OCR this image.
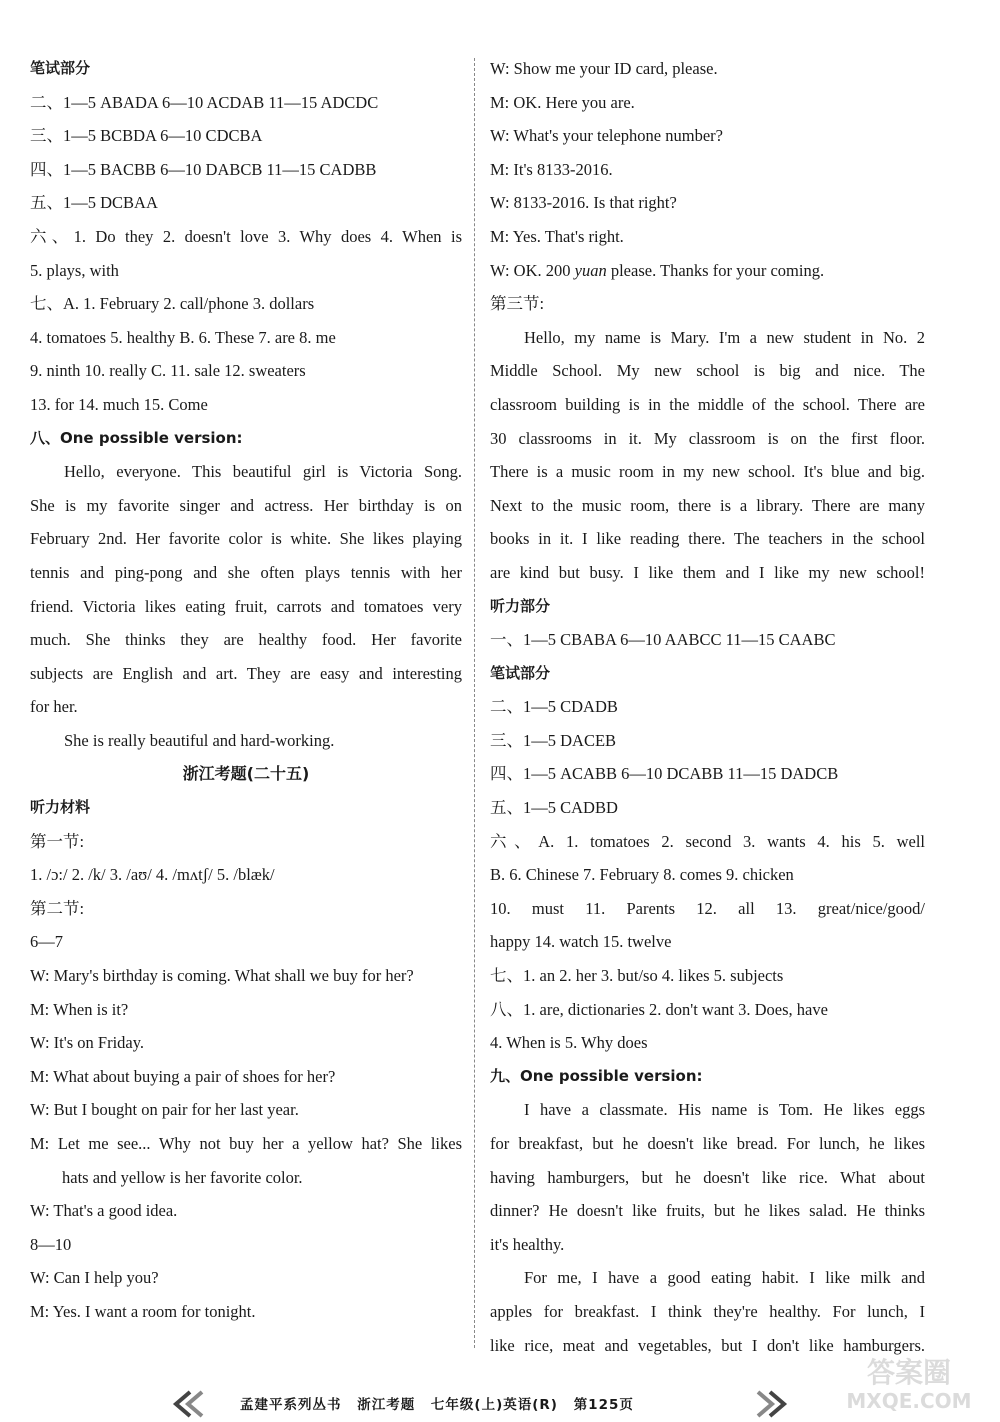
笔试部分
二、1—5 ABADA 6—10 ACDAB 11—15 ADCDC
三、1—5 BCBDA 6—10 CDCBA
四、1—5 BACBB 6—10 DABCB 11—15 CADBB
五、1—5 DCBAA
六、1. Do they 2. doesn't love 3. Why does 4. When is
5. plays, with
七、A. 1. February 2. call/phone 3. dollars
4. tomatoes 5. healthy B. 6. These 7. are 8. me
9. ninth 10. really C. 11. sale 12. sweaters
13. for 14. much 15. Come
八、One possible version:
Hello, everyone. This beautiful girl is Victoria Song.
She is my favorite singer and actress. Her birthday is on
February 2nd. Her favorite color is white. She likes playing
tennis and ping-pong and she often plays tennis with her
friend. Victoria likes eating fruit, carrots and tomatoes very
much. She thinks they are healthy food. Her favorite
subjects are English and art. They are easy and interesting
for her.
She is really beautiful and hard-working.
浙江考题(二十五)
听力材料
第一节:
1. /ɔ:/ 2. /k/ 3. /aʊ/ 4. /mʌtʃ/ 5. /blæk/
第二节:
6—7
W: Mary's birthday is coming. What shall we buy for her?
M: When is it?
W: It's on Friday.
M: What about buying a pair of shoes for her?
W: But I bought on pair for her last year.
M: Let me see... Why not buy her a yellow hat? She likes
hats and yellow is her favorite color.
W: That's a good idea.
8—10
W: Can I help you?
M: Yes. I want a room for tonight.
W: Show me your ID card, please.
M: OK. Here you are.
W: What's your telephone number?
M: It's 8133-2016.
W: 8133-2016. Is that right?
M: Yes. That's right.
W: OK. 200 yuan please. Thanks for your coming.
第三节:
Hello, my name is Mary. I'm a new student in No. 2
Middle School. My new school is big and nice. The
classroom building is in the middle of the school. There are
30 classrooms in it. My classroom is on the first floor.
There is a music room in my new school. It's blue and big.
Next to the music room, there is a library. There are many
books in it. I like reading there. The teachers in the school
are kind but busy. I like them and I like my new school!
听力部分
一、1—5 CBABA 6—10 AABCC 11—15 CAABC
笔试部分
二、1—5 CDADB
三、1—5 DACEB
四、1—5 ACABB 6—10 DCABB 11—15 DADCB
五、1—5 CADBD
六、A. 1. tomatoes 2. second 3. wants 4. his 5. well
B. 6. Chinese 7. February 8. comes 9. chicken
10. must 11. Parents 12. all 13. great/nice/good/
happy 14. watch 15. twelve
七、1. an 2. her 3. but/so 4. likes 5. subjects
八、1. are, dictionaries 2. don't want 3. Does, have
4. When is 5. Why does
九、One possible version:
I have a classmate. His name is Tom. He likes eggs
for breakfast, but he doesn't like bread. For lunch, he likes
having hamburgers, but he doesn't like rice. What about
dinner? He doesn't like fruits, but he likes salad. He thinks
it's healthy.
For me, I have a good eating habit. I like milk and
apples for breakfast. I think they're healthy. For lunch, I
like rice, meat and vegetables, but I don't like hamburgers.
孟建平系列丛书 浙江考题 七年级(上)英语(R) 第125页
答案圈
MXQE.COM
